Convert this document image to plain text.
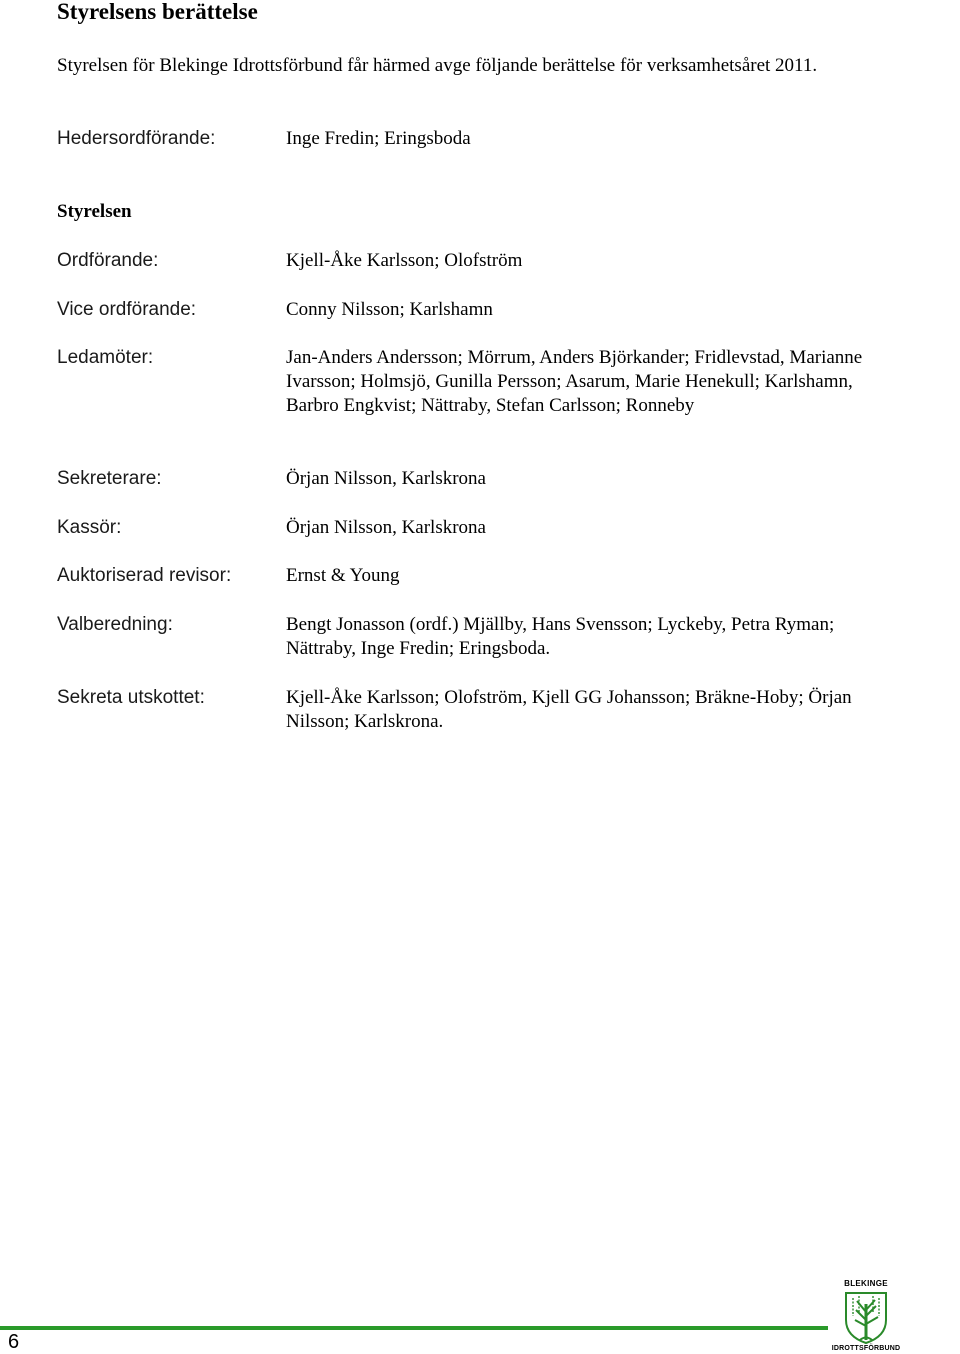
Styrelsens berättelse

Styrelsen för Blekinge Idrottsförbund får härmed avge följande berättelse för verksamhetsåret 2011.

Hedersordförande:	Inge Fredin; Eringsboda
Styrelsen
Ordförande:	Kjell-Åke Karlsson; Olofström
Vice ordförande:	Conny Nilsson; Karlshamn
Ledamöter:	Jan-Anders Andersson; Mörrum, Anders Björkander; Fridlevstad, Marianne Ivarsson; Holmsjö, Gunilla Persson; Asarum, Marie Henekull; Karlshamn, Barbro Engkvist; Nättraby, Stefan Carlsson; Ronneby
Sekreterare:	Örjan Nilsson, Karlskrona
Kassör:	Örjan Nilsson, Karlskrona
Auktoriserad revisor:	Ernst & Young
Valberedning:	Bengt Jonasson (ordf.) Mjällby, Hans Svensson; Lyckeby, Petra Ryman; Nättraby, Inge Fredin; Eringsboda.
Sekreta utskottet:	Kjell-Åke Karlsson; Olofström, Kjell GG Johansson; Bräkne-Hoby; Örjan Nilsson; Karlskrona.
6
BLEKINGE
IDROTTSFÖRBUND
